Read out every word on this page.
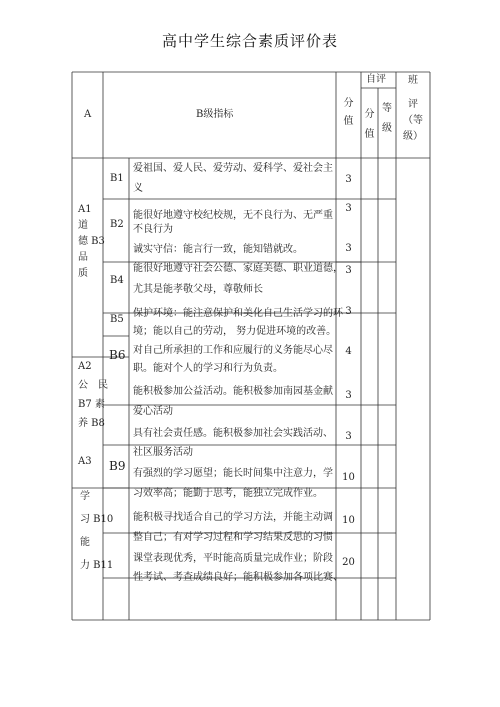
高中学生综合素质评价表
A	B级指标
分
值
自评
分
值
等
级
班
评
（等
级）
A1
道
德 B3
品
质
A2
公　民
B7 素
养 B8
A3
学
习 B10
能
力 B11
B1
B2
B4
B5
B6
B9
爱祖国、爱人民、爱劳动、爱科学、爱社会主
义
能很好地遵守校纪校规，无不良行为、无严重
不良行为
诚实守信：能言行一致，能知错就改。
能很好地遵守社会公德、家庭美德、职业道德，
尤其是能孝敬父母，尊敬师长
保护环境：能注意保护和美化自己生活学习的环
境；能以自己的劳动， 努力促进环境的改善。
对自己所承担的工作和应履行的义务能尽心尽
职。能对个人的学习和行为负责。
能积极参加公益活动。能积极参加南园基金献
爱心活动
具有社会责任感。能积极参加社会实践活动、
社区服务活动
有强烈的学习愿望；能长时间集中注意力，学
习效率高；能勤于思考，能独立完成作业。
能积极寻找适合自己的学习方法，并能主动调
整自己；有对学习过程和学习结果反思的习惯
课堂表现优秀，平时能高质量完成作业；阶段
性考试、考查成绩良好；能积极参加各项比赛、
3
3
3
3
3
4
3
3
10
10
20
